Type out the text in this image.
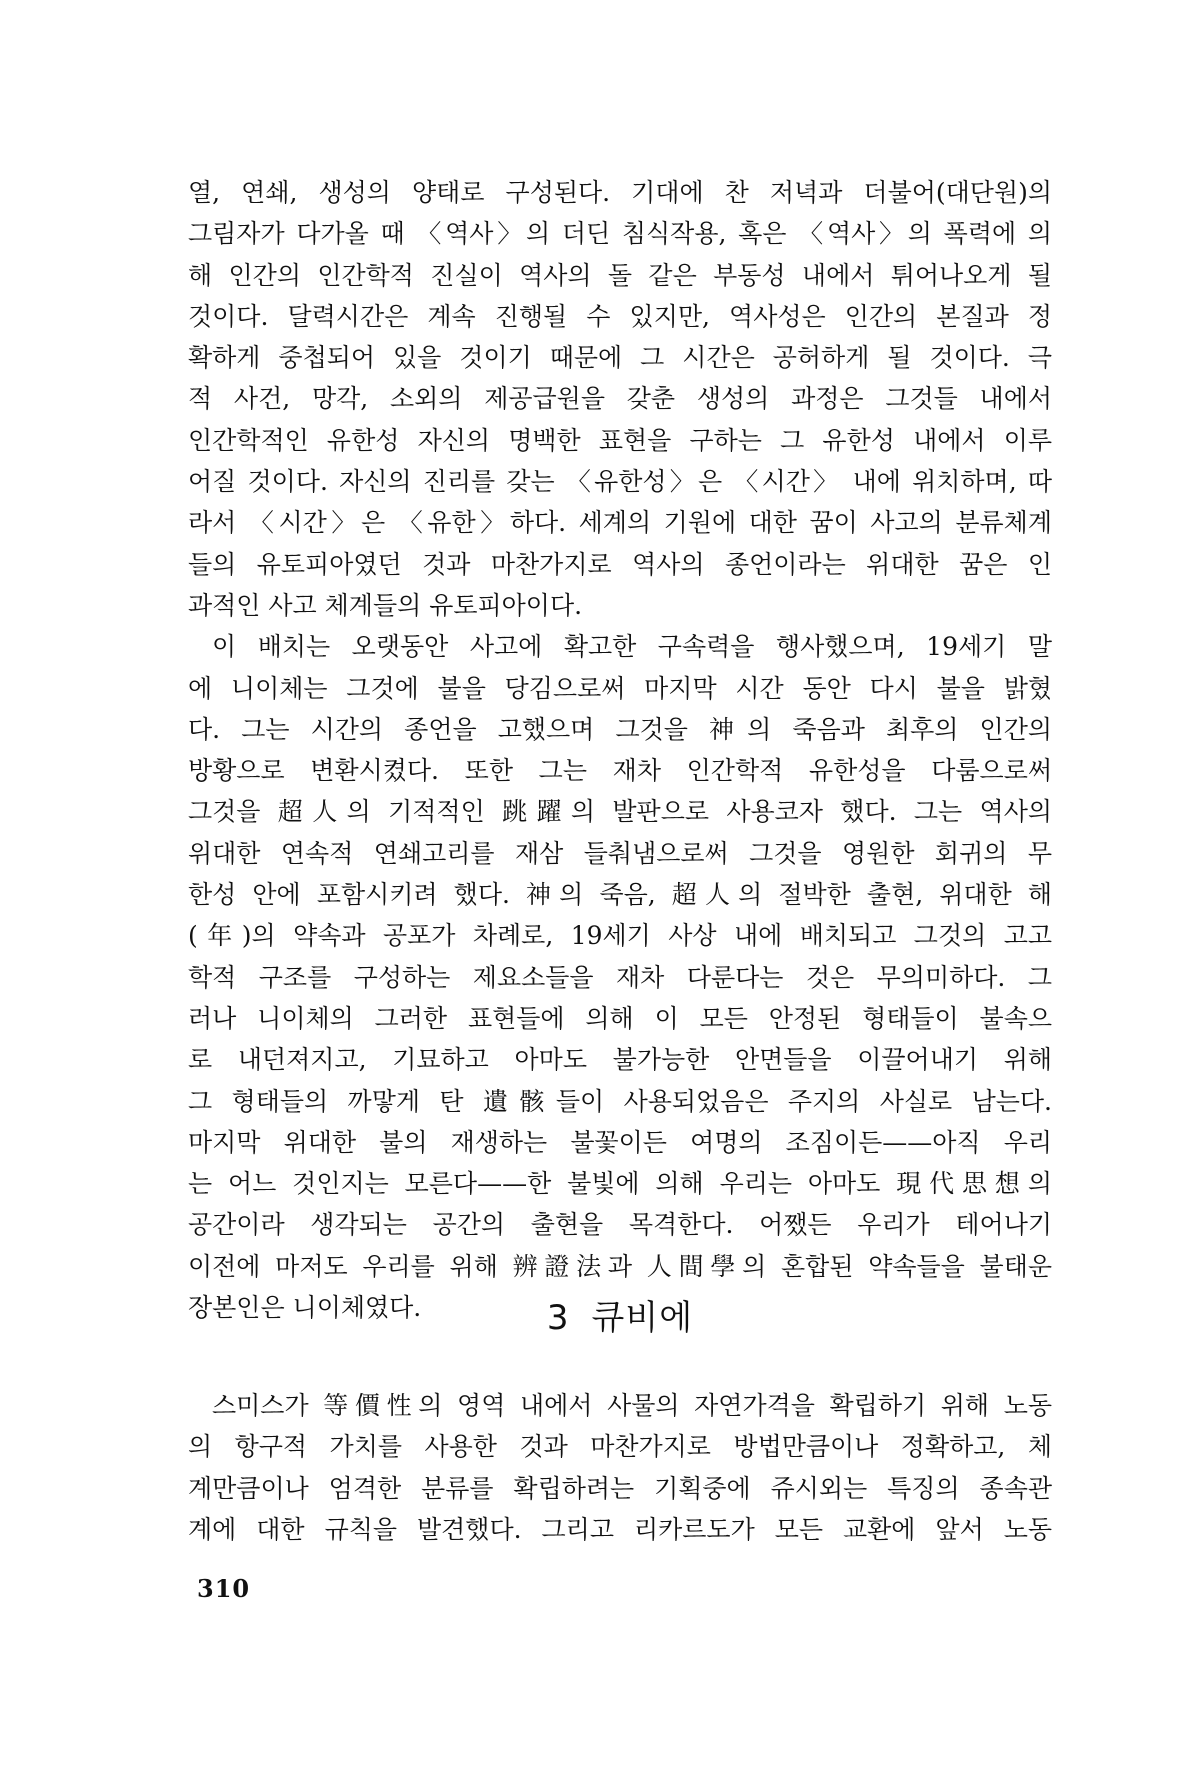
열, 연쇄, 생성의 양태로 구성된다. 기대에 찬 저녁과 더불어(대단원)의
그림자가 다가올 때 〈역사〉의 더딘 침식작용, 혹은 〈역사〉의 폭력에 의
해 인간의 인간학적 진실이 역사의 돌 같은 부동성 내에서 튀어나오게 될
것이다. 달력시간은 계속 진행될 수 있지만, 역사성은 인간의 본질과 정
확하게 중첩되어 있을 것이기 때문에 그 시간은 공허하게 될 것이다. 극
적 사건, 망각, 소외의 제공급원을 갖춘 생성의 과정은 그것들 내에서
인간학적인 유한성 자신의 명백한 표현을 구하는 그 유한성 내에서 이루
어질 것이다. 자신의 진리를 갖는 〈유한성〉은 〈시간〉 내에 위치하며, 따
라서 〈시간〉은 〈유한〉하다. 세계의 기원에 대한 꿈이 사고의 분류체계
들의 유토피아였던 것과 마찬가지로 역사의 종언이라는 위대한 꿈은 인
과적인 사고 체계들의 유토피아이다.
이 배치는 오랫동안 사고에 확고한 구속력을 행사했으며, 19세기 말
에 니이체는 그것에 불을 당김으로써 마지막 시간 동안 다시 불을 밝혔
다. 그는 시간의 종언을 고했으며 그것을 神의 죽음과 최후의 인간의
방황으로 변환시켰다. 또한 그는 재차 인간학적 유한성을 다룸으로써
그것을 超人의 기적적인 跳躍의 발판으로 사용코자 했다. 그는 역사의
위대한 연속적 연쇄고리를 재삼 들춰냄으로써 그것을 영원한 회귀의 무
한성 안에 포함시키려 했다. 神의 죽음, 超人의 절박한 출현, 위대한 해
(年)의 약속과 공포가 차례로, 19세기 사상 내에 배치되고 그것의 고고
학적 구조를 구성하는 제요소들을 재차 다룬다는 것은 무의미하다. 그
러나 니이체의 그러한 표현들에 의해 이 모든 안정된 형태들이 불속으
로 내던져지고, 기묘하고 아마도 불가능한 안면들을 이끌어내기 위해
그 형태들의 까맣게 탄 遺骸들이 사용되었음은 주지의 사실로 남는다.
마지막 위대한 불의 재생하는 불꽃이든 여명의 조짐이든——아직 우리
는 어느 것인지는 모른다——한 불빛에 의해 우리는 아마도 現代思想의
공간이라 생각되는 공간의 출현을 목격한다. 어쨌든 우리가 테어나기
이전에 마저도 우리를 위해 辨證法과 人間學의 혼합된 약속들을 불태운
장본인은 니이체였다.	3 큐비에
스미스가 等價性의 영역 내에서 사물의 자연가격을 확립하기 위해 노동
의 항구적 가치를 사용한 것과 마찬가지로 방법만큼이나 정확하고, 체
계만큼이나 엄격한 분류를 확립하려는 기획중에 쥬시외는 특징의 종속관
계에 대한 규칙을 발견했다. 그리고 리카르도가 모든 교환에 앞서 노동
310
